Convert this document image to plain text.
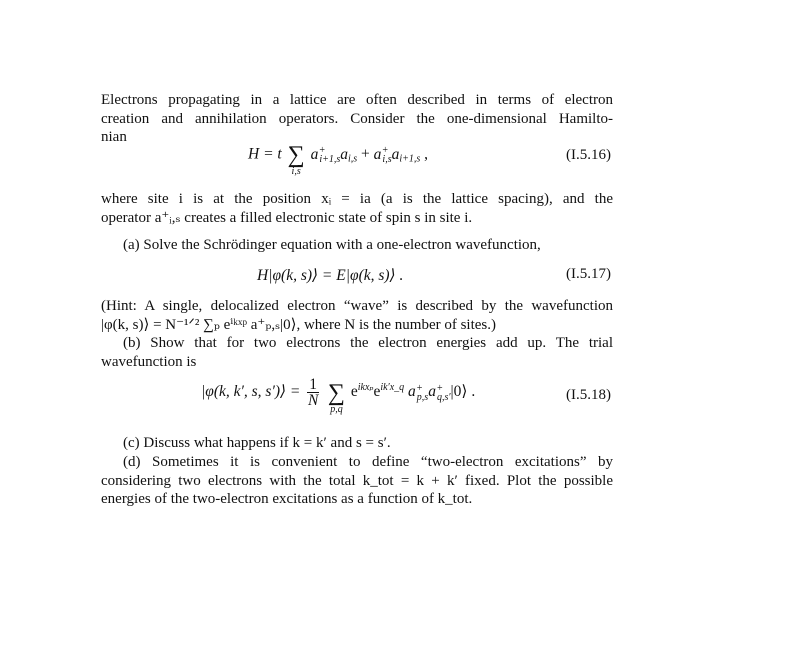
Electrons propagating in a lattice are often described in terms of electron
creation and annihilation operators. Consider the one-dimensional Hamilto-
nian
H = t ∑
i,s
a +
i+1,s $a_{i,s} + a$ +
i,s $a_{i+1,s}$ ,	(I.5.16)
where site i is at the position xᵢ = ia (a is the lattice spacing), and the
operator a⁺ᵢ,ₛ creates a filled electronic state of spin s in site i.
(a) Solve the Schrödinger equation with a one-electron wavefunction,
H|φ(k, s)⟩ = E|φ(k, s)⟩ .	(I.5.17)
(Hint: A single, delocalized electron “wave” is described by the wavefunction
|φ(k, s)⟩ = N⁻¹ᐟ² ∑ₚ eⁱᵏˣᵖ a⁺ₚ,ₛ|0⟩, where N is the number of sites.)
(b) Show that for two electrons the electron energies add up. The trial
wavefunction is
|φ(k, k′, s, s′)⟩ = $\frac{1}{N}$
∑
p,q
$e^{ikx_p}e^{ik'x\_q}$ a +
p,s a +
q,s′ |0⟩ .	(I.5.18)
(c) Discuss what happens if k = k′ and s = s′.
(d) Sometimes it is convenient to define “two-electron excitations” by
considering two electrons with the total k_tot = k + k′ fixed. Plot the possible
energies of the two-electron excitations as a function of k_tot.
